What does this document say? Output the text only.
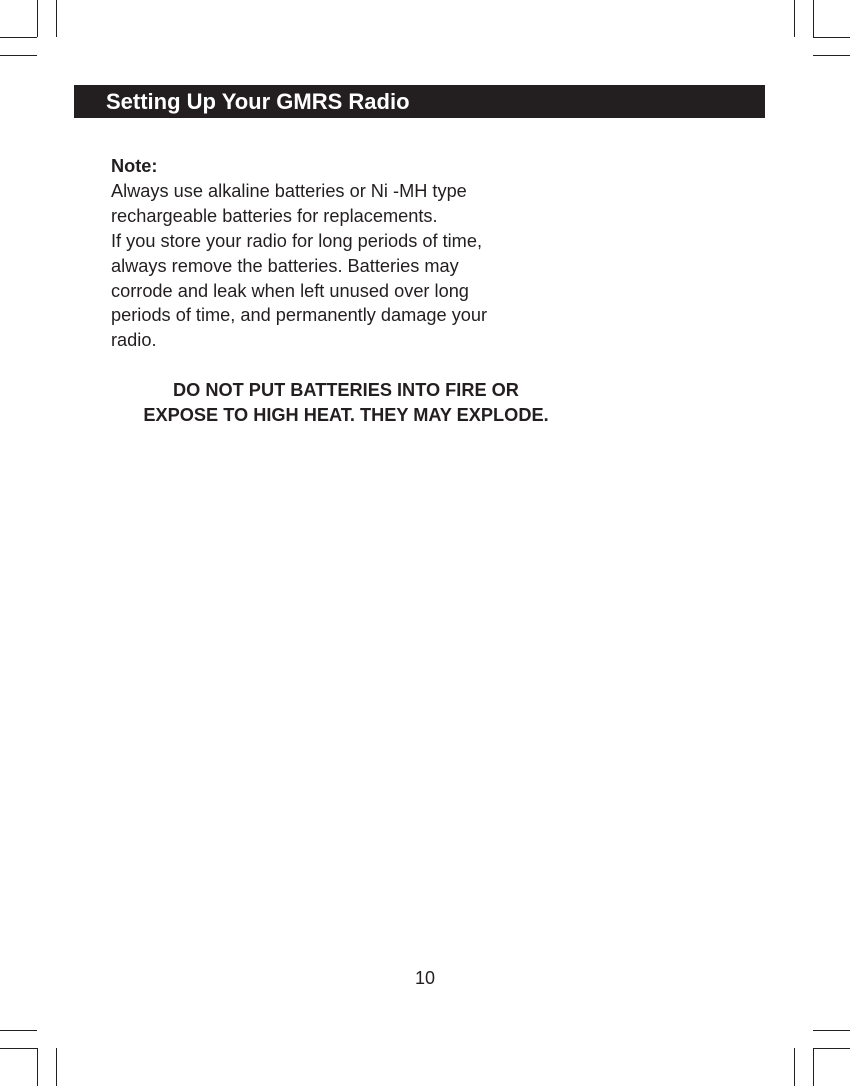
Setting Up Your GMRS Radio
Note:
Always use alkaline batteries or Ni -MH type
rechargeable batteries for replacements.
If you store your radio for long periods of time,
always remove the batteries. Batteries may
corrode and leak when left unused over long
periods of time, and permanently damage your
radio.
DO NOT PUT BATTERIES INTO FIRE OR
EXPOSE TO HIGH HEAT. THEY MAY EXPLODE.
10
